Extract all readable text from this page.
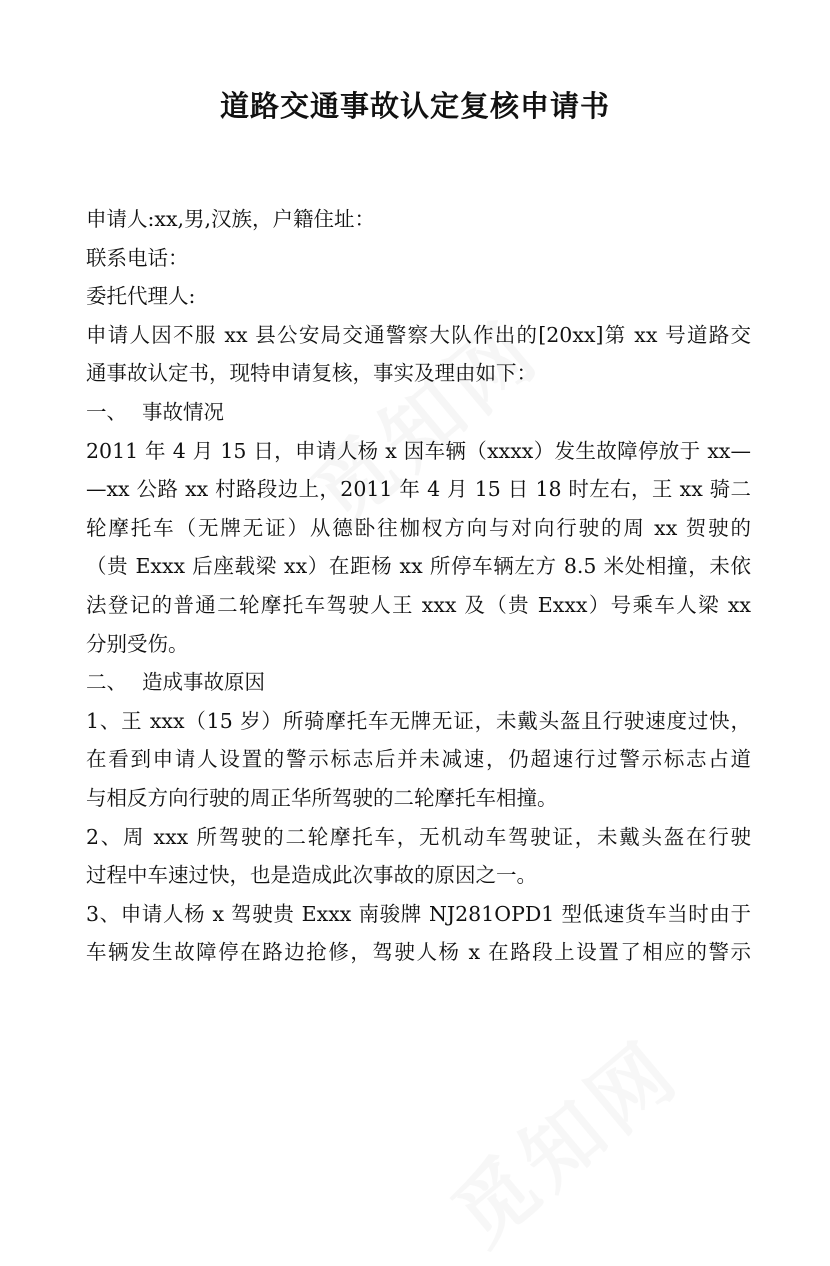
道路交通事故认定复核申请书
申请人:xx,男,汉族，户籍住址：
联系电话：
委托代理人:
申请人因不服 xx 县公安局交通警察大队作出的[20xx]第 xx 号道路交
通事故认定书，现特申请复核，事实及理由如下：
一、 事故情况
2011 年 4 月 15 日，申请人杨 x 因车辆（xxxx）发生故障停放于 xx—
—xx 公路 xx 村路段边上，2011 年 4 月 15 日 18 时左右，王 xx 骑二
轮摩托车（无牌无证）从德卧往枷杈方向与对向行驶的周 xx 贺驶的
（贵 Exxx 后座载梁 xx）在距杨 xx 所停车辆左方 8.5 米处相撞，未依
法登记的普通二轮摩托车驾驶人王 xxx 及（贵 Exxx）号乘车人梁 xx
分别受伤。
二、 造成事故原因
1、王 xxx（15 岁）所骑摩托车无牌无证，未戴头盔且行驶速度过快，
在看到申请人设置的警示标志后并未减速，仍超速行过警示标志占道
与相反方向行驶的周正华所驾驶的二轮摩托车相撞。
2、周 xxx 所驾驶的二轮摩托车，无机动车驾驶证，未戴头盔在行驶
过程中车速过快，也是造成此次事故的原因之一。
3、申请人杨 x 驾驶贵 Exxx 南骏牌 NJ281OPD1 型低速货车当时由于
车辆发生故障停在路边抢修，驾驶人杨 x 在路段上设置了相应的警示
